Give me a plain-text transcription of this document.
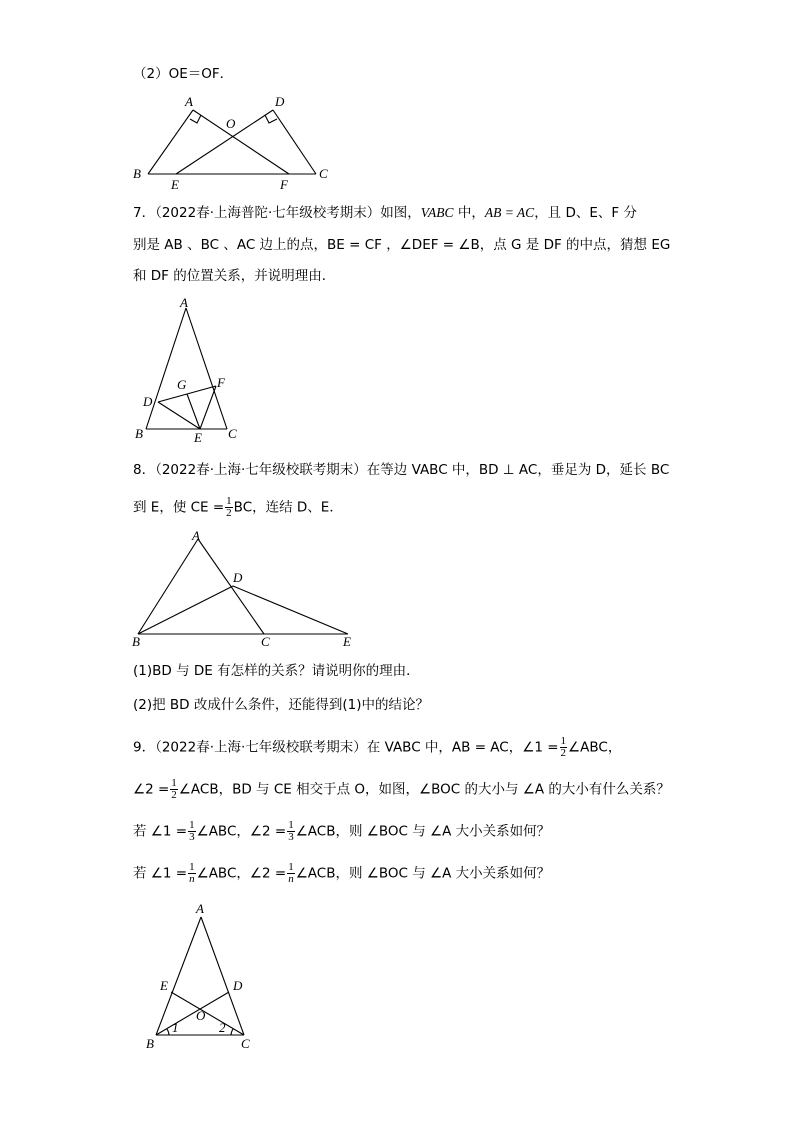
（2）OE＝OF．
A	D
O
B
E	F
C
7．（2022春·上海普陀·七年级校考期末）如图，VABC 中，AB = AC，且 D、E、F 分
别是 AB 、BC 、AC 边上的点，BE = CF ，∠DEF = ∠B，点 G 是 DF 的中点，猜想 EG
和 DF 的位置关系，并说明理由．
A
G F
D
B	E C
8．（2022春·上海·七年级校联考期末）在等边 VABC 中，BD ⊥ AC，垂足为 D，延长 BC
到 E，使 CE = $\frac{1}{2}$ BC，连结 D、E．
A
D
B	C	E
(1)BD 与 DE 有怎样的关系？请说明你的理由．
(2)把 BD 改成什么条件，还能得到(1)中的结论？
9．（2022春·上海·七年级校联考期末）在 VABC 中，AB = AC，∠1 = $\frac{1}{2}$ ∠ABC，
∠2 = $\frac{1}{2}$ ∠ACB，BD 与 CE 相交于点 O，如图，∠BOC 的大小与 ∠A 的大小有什么关系？
若 ∠1 = $\frac{1}{3}$ ∠ABC，∠2 = $\frac{1}{3}$ ∠ACB，则 ∠BOC 与 ∠A 大小关系如何？
若 ∠1 = $\frac{1}{n}$ ∠ABC，∠2 = $\frac{1}{n}$ ∠ACB，则 ∠BOC 与 ∠A 大小关系如何？
A
E	D
O
1	2
B	C
